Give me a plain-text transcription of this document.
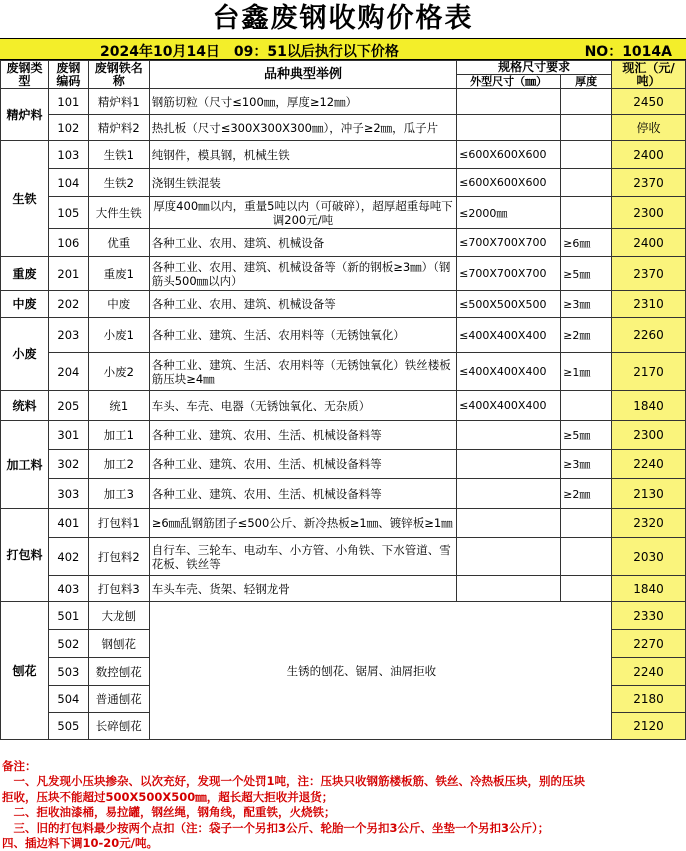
台鑫废钢收购价格表
2024年10月14日　09：51以后执行以下价格	NO：1014A
废钢类型	废钢编码	废钢铁名称	品种典型举例	规格尺寸要求		现汇（元/吨）
				外型尺寸（㎜）	厚度	
精炉料	101	精炉料1	钢筋切粒（尺寸≤100㎜，厚度≥12㎜）			2450
	102	精炉料2	热扎板（尺寸≤300X300X300㎜），冲子≥2㎜，瓜子片			停收
生铁	103	生铁1	纯钢件，模具钢，机械生铁	≤600X600X600		2400
	104	生铁2	浇钢生铁混装	≤600X600X600		2370
	105	大件生铁	厚度400㎜以内，重量5吨以内（可破碎），超厚超重每吨下调200元/吨	≤2000㎜		2300
	106	优重	各种工业、农用、建筑、机械设备	≤700X700X700	≥6㎜	2400
重废	201	重废1	各种工业、农用、建筑、机械设备等（新的钢板≥3㎜）（钢筋头500㎜以内）	≤700X700X700	≥5㎜	2370
中废	202	中废	各种工业、农用、建筑、机械设备等	≤500X500X500	≥3㎜	2310
小废	203	小废1	各种工业、建筑、生活、农用料等（无锈蚀氧化）	≤400X400X400	≥2㎜	2260
	204	小废2	各种工业、建筑、生活、农用料等（无锈蚀氧化）铁丝楼板筋压块≥4㎜	≤400X400X400	≥1㎜	2170
统料	205	统1	车头、车壳、电器（无锈蚀氧化、无杂质）	≤400X400X400		1840
加工料	301	加工1	各种工业、建筑、农用、生活、机械设备料等		≥5㎜	2300
	302	加工2	各种工业、建筑、农用、生活、机械设备料等		≥3㎜	2240
	303	加工3	各种工业、建筑、农用、生活、机械设备料等		≥2㎜	2130
打包料	401	打包料1	≥6㎜乱钢筋团子≤500公斤、新冷热板≥1㎜、镀锌板≥1㎜			2320
	402	打包料2	自行车、三轮车、电动车、小方管、小角铁、下水管道、雪花板、铁丝等			2030
	403	打包料3	车头车壳、货架、轻钢龙骨			1840
刨花	501	大龙刨	生锈的刨花、锯屑、油屑拒收			2330
	502	钢刨花				2270
	503	数控刨花				2240
	504	普通刨花				2180
	505	长碎刨花				2120
备注：
　一、凡发现小压块掺杂、以次充好，发现一个处罚1吨，注：压块只收钢筋楼板筋、铁丝、冷热板压块，别的压块
拒收，压块不能超过500X500X500㎜，超长超大拒收并退货；
　二、拒收油漆桶，易拉罐，钢丝绳，钢角线，配重铁，火烧铁；
　三、旧的打包料最少按两个点扣（注：袋子一个另扣3公斤、轮胎一个另扣3公斤、坐垫一个另扣3公斤）；
四、插边料下调10-20元/吨。
